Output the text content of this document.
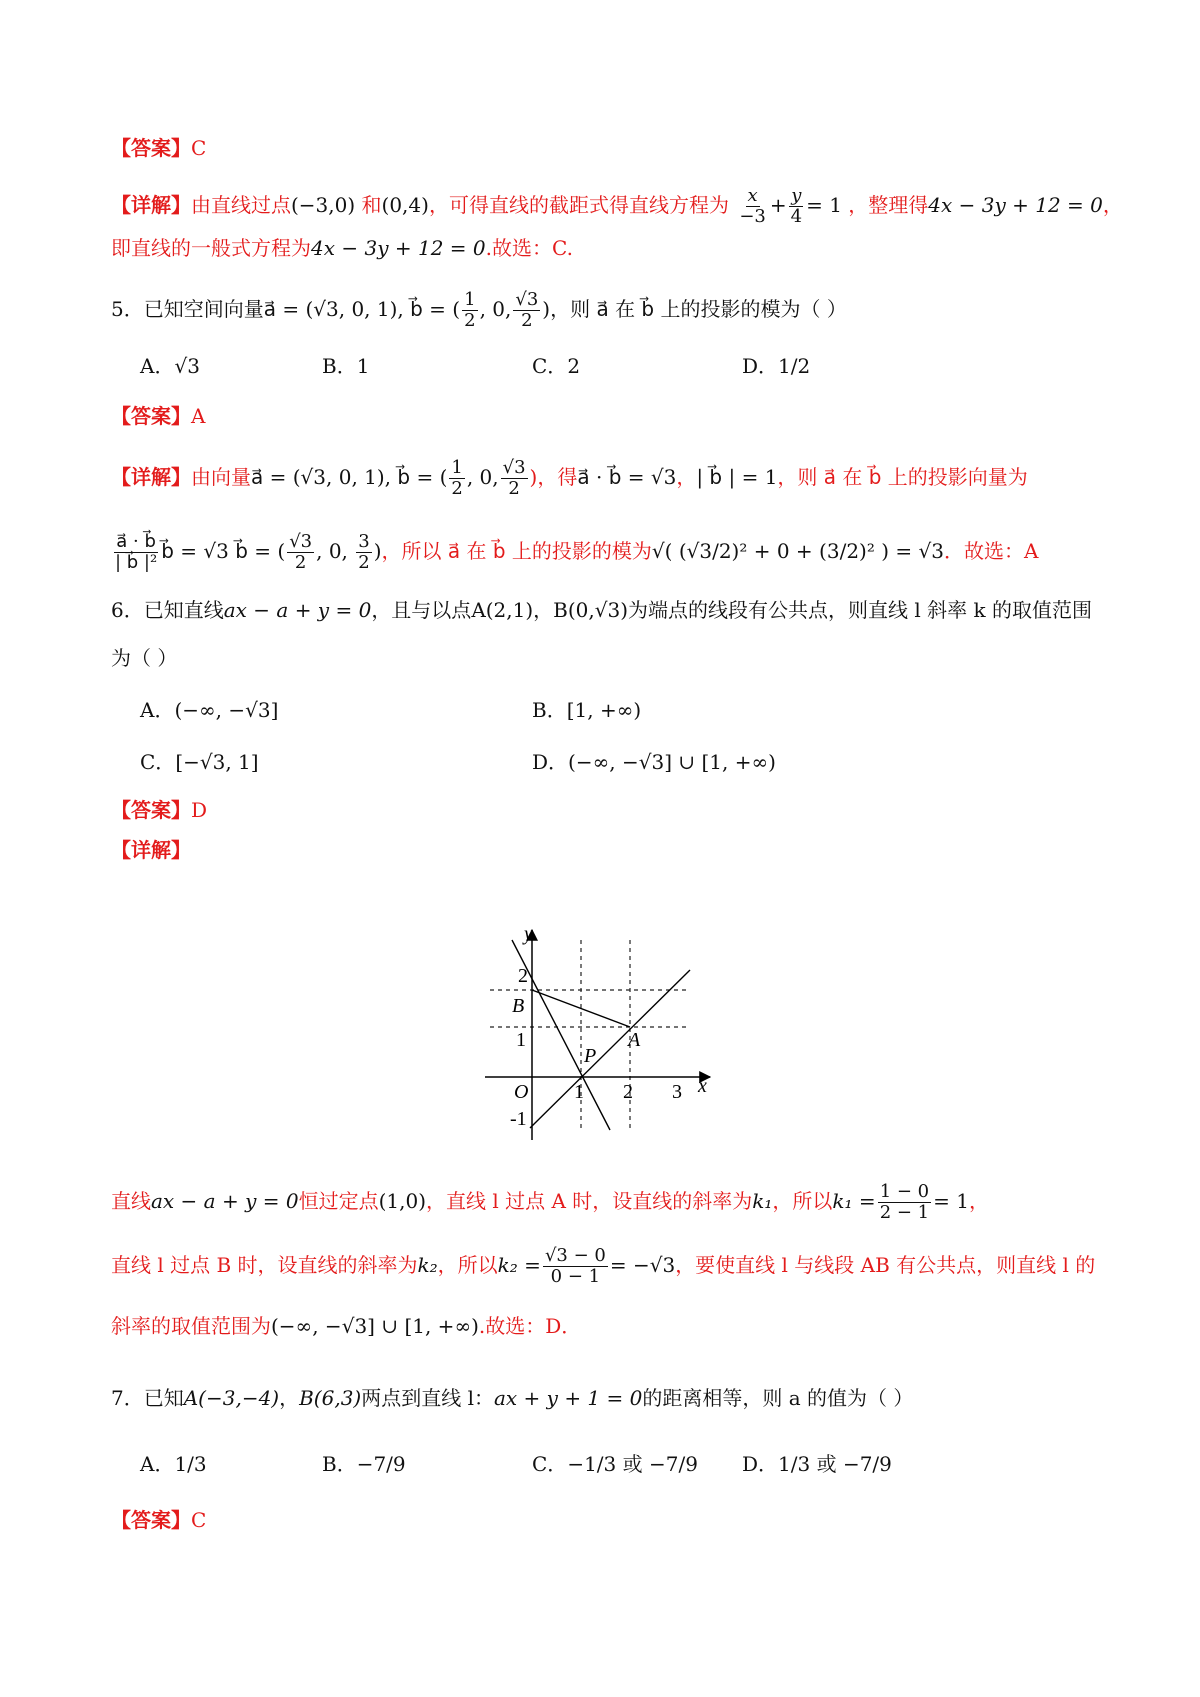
【答案】C
【详解】由直线过点(−3,0) 和(0,4)，可得直线的截距式得直线方程为 $\frac{x}{-3} + \frac{y}{4} = 1$ ，整理得4x − 3y + 12 = 0，
即直线的一般式方程为4x − 3y + 12 = 0.故选：C.
5．已知空间向量a⃗ = (√3, 0, 1), b⃗ = ( $\frac{1}{2}$ , 0, $\frac{√3}{2}$ )，则 a⃗ 在 b⃗ 上的投影的模为（ ）
A．√3	B．1	C．2	D．1/2
【答案】A
【详解】由向量a⃗ = (√3, 0, 1), b⃗ = ( $\frac{1}{2}$ , 0, $\frac{√3}{2}$ )，得a⃗ · b⃗ = √3，| b⃗ | = 1，则 a⃗ 在 b⃗ 上的投影向量为
$\frac{a⃗ \cdot b⃗}{\text{| b⃗ |²}}$ b⃗ = √3 b⃗ = ( $\frac{√3}{2}$ , 0, $\frac{3}{2}$ )，所以 a⃗ 在 b⃗ 上的投影的模为√( (√3/2)² + 0 + (3/2)² ) = √3．故选：A
6．已知直线ax − a + y = 0，且与以点A(2,1)，B(0,√3)为端点的线段有公共点，则直线 l 斜率 k 的取值范围
为（ ）
A．(−∞, −√3]	B．[1, +∞)
C．[−√3, 1]	D．(−∞, −√3] ∪ [1, +∞)
【答案】D
【详解】
y
x
O
2
B
1
-1
1 2 3
A
P
直线ax − a + y = 0恒过定点(1,0)，直线 l 过点 A 时，设直线的斜率为k₁，所以$k_1 = \frac{1 - 0}{2 - 1} = 1$，
直线 l 过点 B 时，设直线的斜率为k₂，所以$k_2 = \frac{√3 - 0}{0 - 1} = -√3$，要使直线 l 与线段 AB 有公共点，则直线 l 的
斜率的取值范围为(−∞, −√3] ∪ [1, +∞).故选：D．
7．已知A(−3,−4)，B(6,3)两点到直线 l：ax + y + 1 = 0的距离相等，则 a 的值为（ ）
A．1/3	B．−7/9	C．−1/3 或 −7/9 D．1/3 或 −7/9
【答案】C
